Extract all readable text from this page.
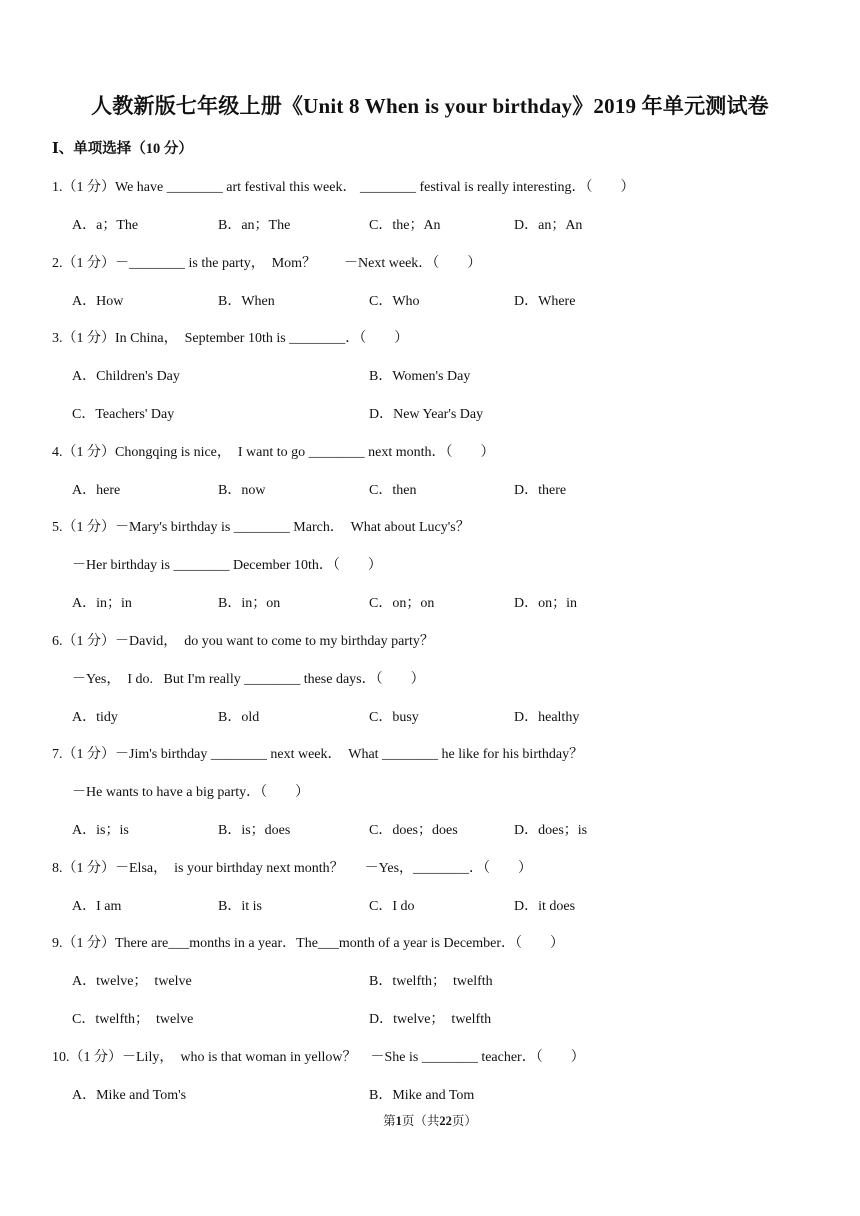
人教新版七年级上册《Unit 8 When is your birthday》2019 年单元测试卷
Ⅰ、单项选择（10 分）
1.（1 分）We have ________ art festival this week． ________ festival is really interesting．（　　）
A．a；The	B．an；The	C．the；An	D．an；An
2.（1 分）－________ is the party，  Mom？　　－Next week．（　　）
A．How	B．When	C．Who	D．Where
3.（1 分）In China，  September 10th is ________．（　　）
A．Children's Day	B．Women's Day
C．Teachers' Day	D．New Year's Day
4.（1 分）Chongqing is nice，  I want to go ________ next month．（　　）
A．here	B．now	C．then	D．there
5.（1 分）－Mary's birthday is ________ March．  What about Lucy's？
－Her birthday is ________ December 10th．（　　）
A．in；in	B．in；on	C．on；on	D．on；in
6.（1 分）－David，  do you want to come to my birthday party？
－Yes，  I do.   But I'm really ________ these days．（　　）
A．tidy	B．old	C．busy	D．healthy
7.（1 分）－Jim's birthday ________ next week．  What ________ he like for his birthday？
－He wants to have a big party．（　　）
A．is；is	B．is；does	C．does；does	D．does；is
8.（1 分）－Elsa，  is your birthday next month？　  －Yes，________．（　　）
A．I am	B．it is	C．I do	D．it does
9.（1 分）There are___months in a year．The___month of a year is December．（　　）
A．twelve；  twelve	B．twelfth；  twelfth
C．twelfth；  twelve	D．twelve；  twelfth
10.（1 分）－Lily，  who is that woman in yellow？　－She is ________ teacher．（　　）
A．Mike and Tom's	B．Mike and Tom
第1页（共22页）
